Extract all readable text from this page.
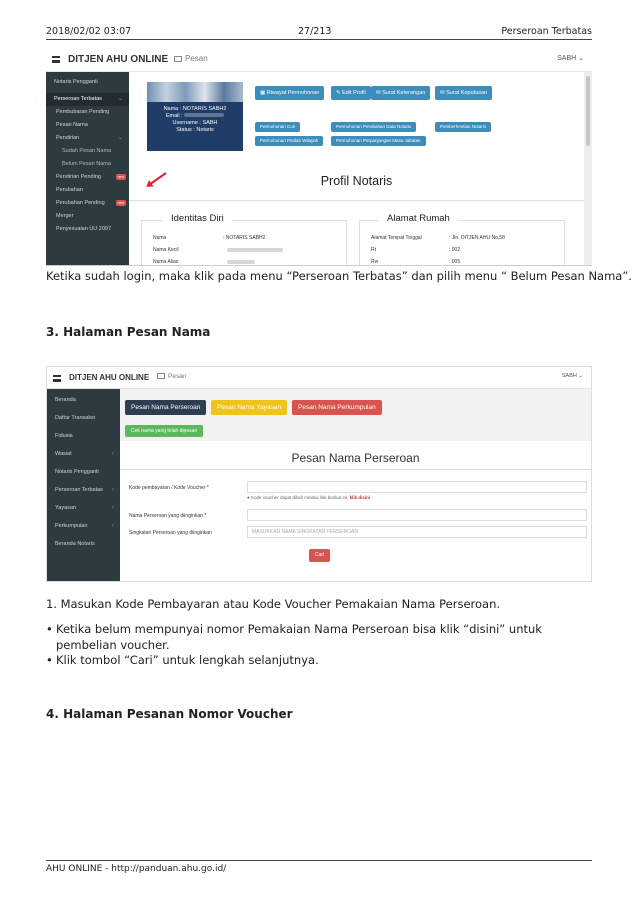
2018/02/02 03:07	27/213	Perseroan Terbatas
DITJEN AHU ONLINE	Pesan	SABH ⌄
Notaris Pengganti
Perseroan Terbatas	⌄
Pembubaran Pending
Pesan Nama
Pendirian	⌄
Sudah Pesan Nama
Belum Pesan Nama
Pendirian Pending	new
Perubahan
Perubahan Pending	new
Merger
Penyesuaian UU 2007
Nama : NOTARIS SABH2
Email :
Username : SABH
Status : Notaris
▦ Riwayat Permohonan	✎ Edit Profil	✉ Surat Keterangan	✉ Surat Keputusan
Permohonan Cuti	Permohonan Perubahan Data Notaris	Pemberhentian Notaris
Permohonan Pindah Wilayah	Permohonan Perpanjangan Masa Jabatan
Profil Notaris
Identitas Diri	Alamat Rumah
Nama	: NOTARIS SABH2
Nama Kecil
Nama Alias
Alamat Tempat Tinggal	: Jln. DITJEN AHU No.58
Rt	: 002
Rw	: 005
Ketika sudah login, maka klik pada menu “Perseroan Terbatas” dan pilih menu “ Belum Pesan Nama”.
3. Halaman Pesan Nama
DITJEN AHU ONLINE	Pesan	SABH ⌄
Beranda
Daftar Transaksi
Fidusia
Wasiat	‹
Notaris Pengganti
Perseroan Terbatas ‹
Yayasan	‹
Perkumpulan	‹
Beranda Notaris
Pesan Nama Perseroan	Pesan Nama Yayasan	Pesan Nama Perkumpulan
Cek nama yang telah dipesan
Pesan Nama Perseroan
Kode pembayaran / Kode Voucher *
● Kode voucher dapat dibeli melalui link berikut ini, klik disini
Nama Perseroan yang diinginkan *
Singkatan Perseroan yang diinginkan	MASUKKAN NAMA SINGKATAN PERSEROAN
Cari
1. Masukan Kode Pembayaran atau Kode Voucher Pemakaian Nama Perseroan.
• Ketika belum mempunyai nomor Pemakaian Nama Perseroan bisa klik “disini” untuk pembelian voucher.
• Klik tombol “Cari” untuk lengkah selanjutnya.
4. Halaman Pesanan Nomor Voucher
AHU ONLINE - http://panduan.ahu.go.id/
